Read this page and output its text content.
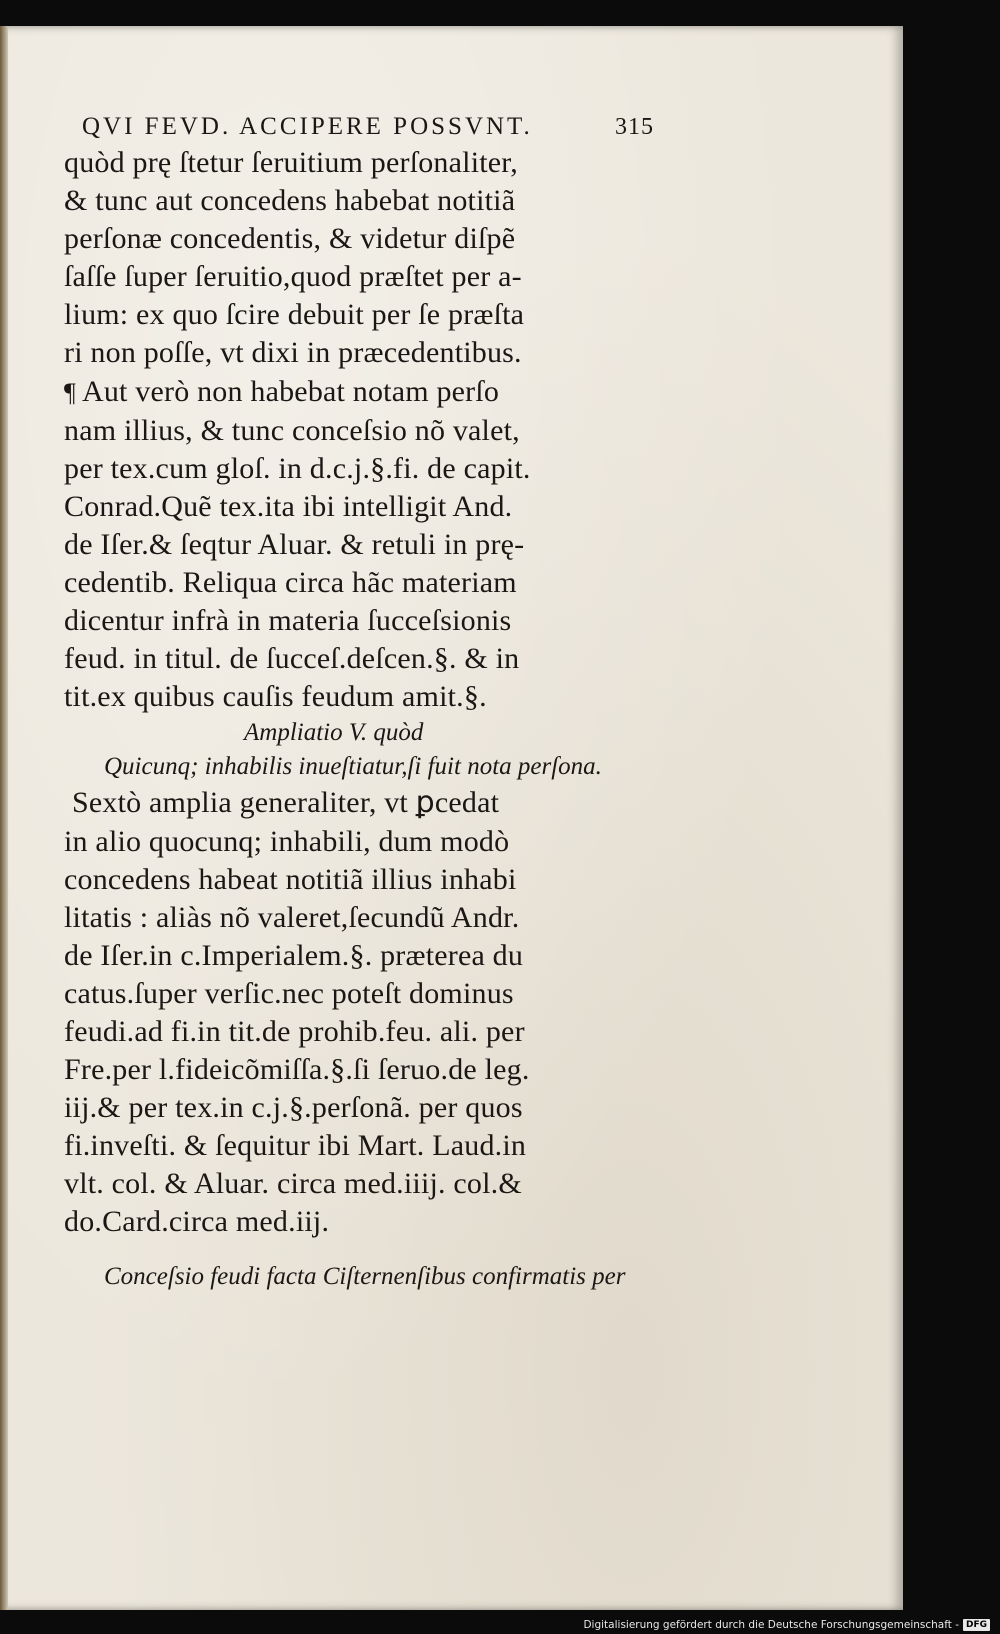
QVI FEVD. ACCIPERE POSSVNT.	315

quòd prę ſtetur ſeruitium perſonaliter,

& tunc aut concedens habebat notitiã

perſonæ concedentis, & videtur diſpẽ

ſaſſe ſuper ſeruitio,quod præſtet per a-

lium: ex quo ſcire debuit per ſe præſta

ri non poſſe, vt dixi in præcedentibus.

¶ Aut verò non habebat notam perſo

nam illius, & tunc conceſsio nõ valet,

per tex.cum gloſ. in d.c.j.§.fi. de capit.

Conrad.Quẽ tex.ita ibi intelligit And.

de Iſer.& ſeqtur Aluar. & retuli in prę-

cedentib. Reliqua circa hãc materiam

dicentur infrà in materia ſucceſsionis

feud. in titul. de ſucceſ.deſcen.§. & in

tit.ex quibus cauſis feudum amit.§.

Ampliatio V. quòd

Quicunq; inhabilis inueſtiatur,ſi fuit nota perſona.

Sextò amplia generaliter, vt ꝑcedat

in alio quocunq; inhabili, dum modò

concedens habeat notitiã illius inhabi

litatis : aliàs nõ valeret,ſecundũ Andr.

de Iſer.in c.Imperialem.§. præterea du

catus.ſuper verſic.nec poteſt dominus

feudi.ad fi.in tit.de prohib.feu. ali. per

Fre.per l.fideicõmiſſa.§.ſi ſeruo.de leg.

iij.& per tex.in c.j.§.perſonã. per quos

fi.inveſti. & ſequitur ibi Mart. Laud.in

vlt. col. & Aluar. circa med.iiij. col.&

do.Card.circa med.iij.

Conceſsio feudi facta Ciſternenſibus confirmatis per

Digitalisierung gefördert durch die Deutsche Forschungsgemeinschaft - DFG
